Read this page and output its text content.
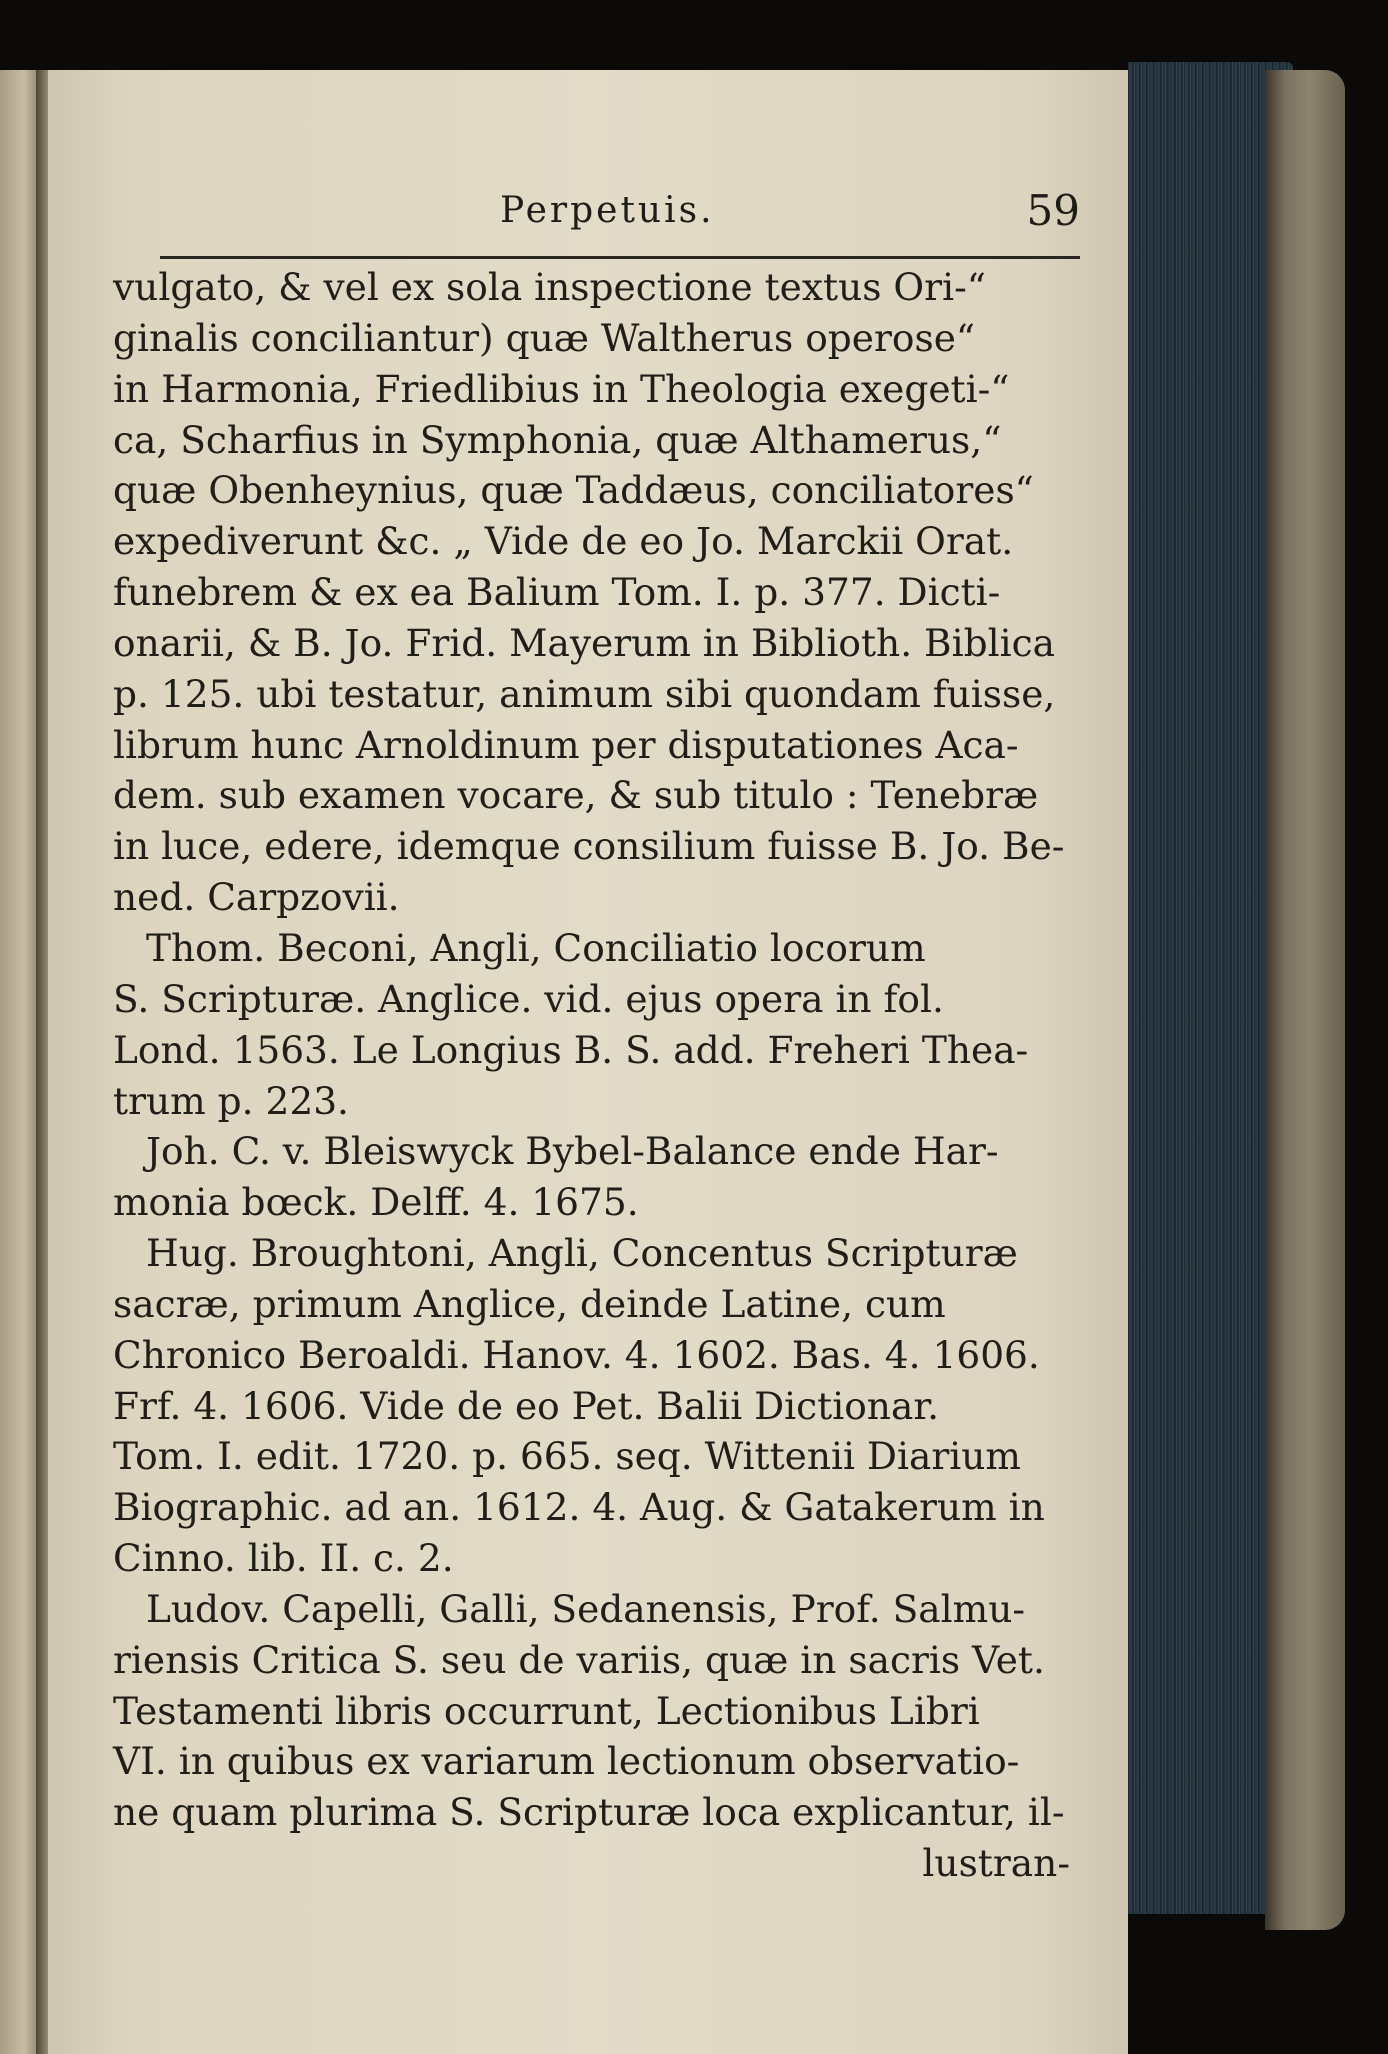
Perpetuis.	59
vulgato, & vel ex sola inspectione textus Ori-“
ginalis conciliantur) quæ Waltherus operose“
in Harmonia, Friedlibius in Theologia exegeti-“
ca, Scharfius in Symphonia, quæ Althamerus,“
quæ Obenheynius, quæ Taddæus, conciliatores“
expediverunt &c. „ Vide de eo Jo. Marckii Orat.
funebrem & ex ea Balium Tom. I. p. 377. Dicti-
onarii, & B. Jo. Frid. Mayerum in Biblioth. Biblica
p. 125. ubi testatur, animum sibi quondam fuisse,
librum hunc Arnoldinum per disputationes Aca-
dem. sub examen vocare, & sub titulo : Tenebræ
in luce, edere, idemque consilium fuisse B. Jo. Be-
ned. Carpzovii.
Thom. Beconi, Angli, Conciliatio locorum
S. Scripturæ. Anglice. vid. ejus opera in fol.
Lond. 1563. Le Longius B. S. add. Freheri Thea-
trum p. 223.
Joh. C. v. Bleiswyck Bybel-Balance ende Har-
monia bœck. Delff. 4. 1675.
Hug. Broughtoni, Angli, Concentus Scripturæ
sacræ, primum Anglice, deinde Latine, cum
Chronico Beroaldi. Hanov. 4. 1602. Bas. 4. 1606.
Frf. 4. 1606. Vide de eo Pet. Balii Dictionar.
Tom. I. edit. 1720. p. 665. seq. Wittenii Diarium
Biographic. ad an. 1612. 4. Aug. & Gatakerum in
Cinno. lib. II. c. 2.
Ludov. Capelli, Galli, Sedanensis, Prof. Salmu-
riensis Critica S. seu de variis, quæ in sacris Vet.
Testamenti libris occurrunt, Lectionibus Libri
VI. in quibus ex variarum lectionum observatio-
ne quam plurima S. Scripturæ loca explicantur, il-
lustran-
